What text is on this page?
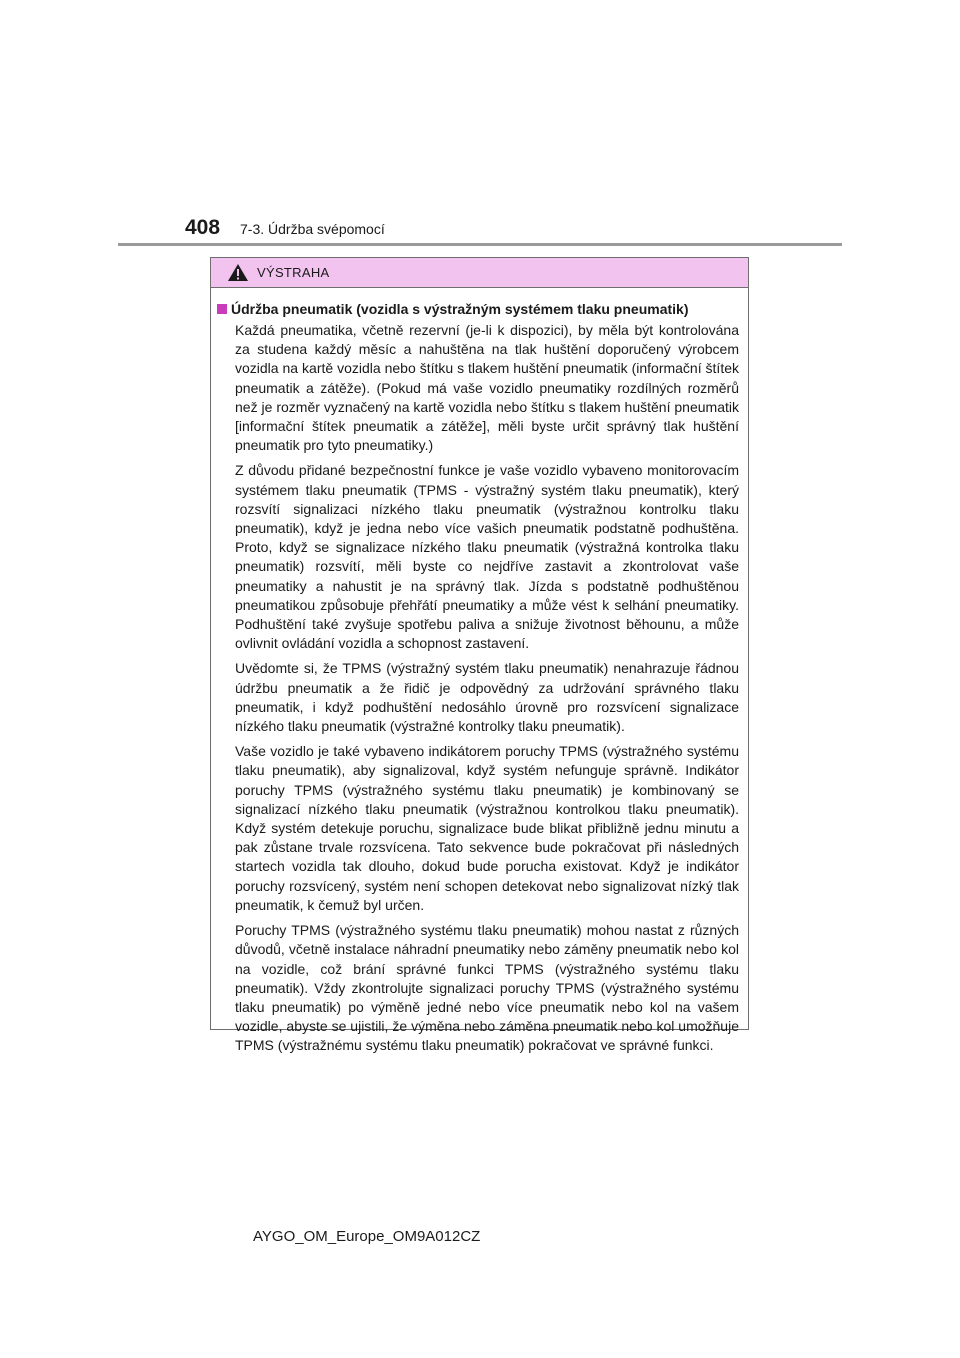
408 7-3. Údržba svépomocí
VÝSTRAHA
Údržba pneumatik (vozidla s výstražným systémem tlaku pneumatik)

Každá pneumatika, včetně rezervní (je-li k dispozici), by měla být kontrolována za studena každý měsíc a nahuštěna na tlak huštění doporučený výrobcem vozidla na kartě vozidla nebo štítku s tlakem huštění pneumatik (informační štítek pneumatik a zátěže). (Pokud má vaše vozidlo pneumatiky rozdílných rozměrů než je rozměr vyznačený na kartě vozidla nebo štítku s tlakem huštění pneumatik [informační štítek pneumatik a zátěže], měli byste určit správný tlak huštění pneumatik pro tyto pneumatiky.)

Z důvodu přidané bezpečnostní funkce je vaše vozidlo vybaveno monitorovacím systémem tlaku pneumatik (TPMS - výstražný systém tlaku pneumatik), který rozsvítí signalizaci nízkého tlaku pneumatik (výstražnou kontrolku tlaku pneumatik), když je jedna nebo více vašich pneumatik podstatně podhuštěna. Proto, když se signalizace nízkého tlaku pneumatik (výstražná kontrolka tlaku pneumatik) rozsvítí, měli byste co nejdříve zastavit a zkontrolovat vaše pneumatiky a nahustit je na správný tlak. Jízda s podstatně podhuštěnou pneumatikou způsobuje přehřátí pneumatiky a může vést k selhání pneumatiky. Podhuštění také zvyšuje spotřebu paliva a snižuje životnost běhounu, a může ovlivnit ovládání vozidla a schopnost zastavení.

Uvědomte si, že TPMS (výstražný systém tlaku pneumatik) nenahrazuje řádnou údržbu pneumatik a že řidič je odpovědný za udržování správného tlaku pneumatik, i když podhuštění nedosáhlo úrovně pro rozsvícení signalizace nízkého tlaku pneumatik (výstražné kontrolky tlaku pneumatik).

Vaše vozidlo je také vybaveno indikátorem poruchy TPMS (výstražného systému tlaku pneumatik), aby signalizoval, když systém nefunguje správně. Indikátor poruchy TPMS (výstražného systému tlaku pneumatik) je kombinovaný se signalizací nízkého tlaku pneumatik (výstražnou kontrolkou tlaku pneumatik). Když systém detekuje poruchu, signalizace bude blikat přibližně jednu minutu a pak zůstane trvale rozsvícena. Tato sekvence bude pokračovat při následných startech vozidla tak dlouho, dokud bude porucha existovat. Když je indikátor poruchy rozsvícený, systém není schopen detekovat nebo signalizovat nízký tlak pneumatik, k čemuž byl určen.

Poruchy TPMS (výstražného systému tlaku pneumatik) mohou nastat z různých důvodů, včetně instalace náhradní pneumatiky nebo záměny pneumatik nebo kol na vozidle, což brání správné funkci TPMS (výstražného systému tlaku pneumatik). Vždy zkontrolujte signalizaci poruchy TPMS (výstražného systému tlaku pneumatik) po výměně jedné nebo více pneumatik nebo kol na vašem vozidle, abyste se ujistili, že výměna nebo záměna pneumatik nebo kol umožňuje TPMS (výstražnému systému tlaku pneumatik) pokračovat ve správné funkci.

AYGO_OM_Europe_OM9A012CZ
